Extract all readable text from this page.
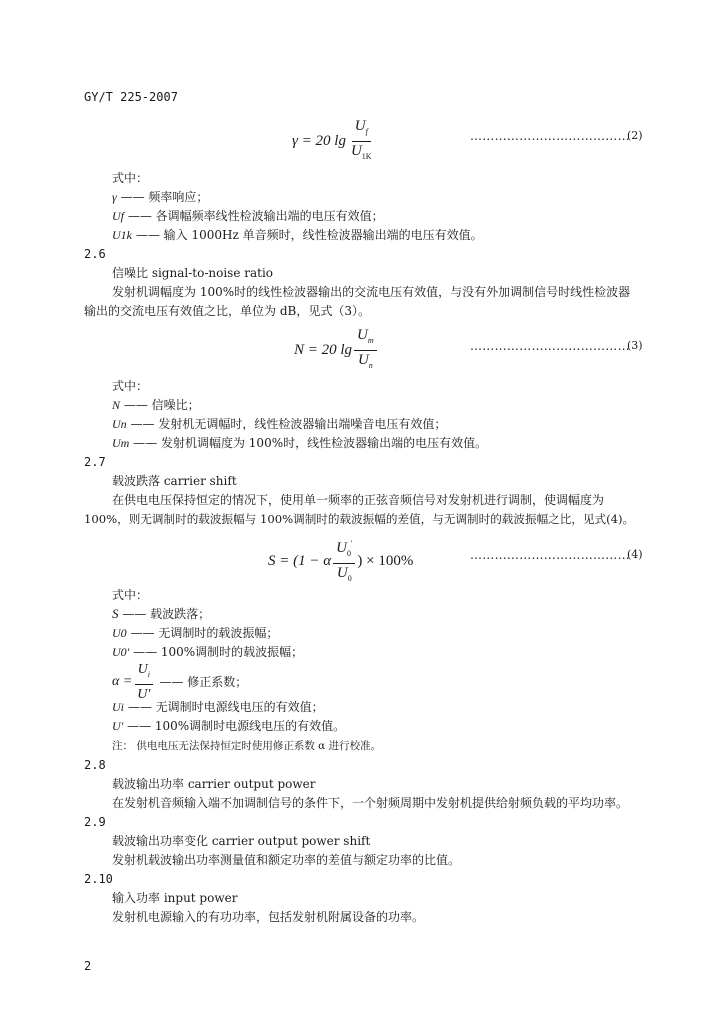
GY/T 225-2007
γ = 20 $\lg \frac{U_f}{U_{1K}}$	…………………………………
(2)
式中：
γ —— 频率响应；
Uf —— 各调幅频率线性检波输出端的电压有效值；
U1k —— 输入 1000Hz 单音频时，线性检波器输出端的电压有效值。
2.6
信噪比 signal-to-noise ratio
发射机调幅度为 100%时的线性检波器输出的交流电压有效值，与没有外加调制信号时线性检波器
输出的交流电压有效值之比，单位为 dB，见式（3）。
N = 20 $\lg \frac{U_m}{U_n}$	…………………………………
(3)
式中：
N —— 信噪比；
Un —— 发射机无调幅时，线性检波器输出端噪音电压有效值；
Um —— 发射机调幅度为 100%时，线性检波器输出端的电压有效值。
2.7
载波跌落 carrier shift
在供电电压保持恒定的情况下，使用单一频率的正弦音频信号对发射机进行调制，使调幅度为
100%，则无调制时的载波振幅与 100%调制时的载波振幅的差值，与无调制时的载波振幅之比，见式(4)。
S = (1 − α $\frac{U_0'}{U_0}$ ) × 100%	…………………………………
(4)
式中：
S —— 载波跌落；
U0 —— 无调制时的载波振幅；
U0' —— 100%调制时的载波振幅；
$\alpha = \frac{U_i}{U'}$ —— 修正系数；
Ui —— 无调制时电源线电压的有效值；
U' —— 100%调制时电源线电压的有效值。
注： 供电电压无法保持恒定时使用修正系数 α 进行校准。
2.8
载波输出功率 carrier output power
在发射机音频输入端不加调制信号的条件下，一个射频周期中发射机提供给射频负载的平均功率。
2.9
载波输出功率变化 carrier output power shift
发射机载波输出功率测量值和额定功率的差值与额定功率的比值。
2.10
输入功率 input power
发射机电源输入的有功功率，包括发射机附属设备的功率。
2
